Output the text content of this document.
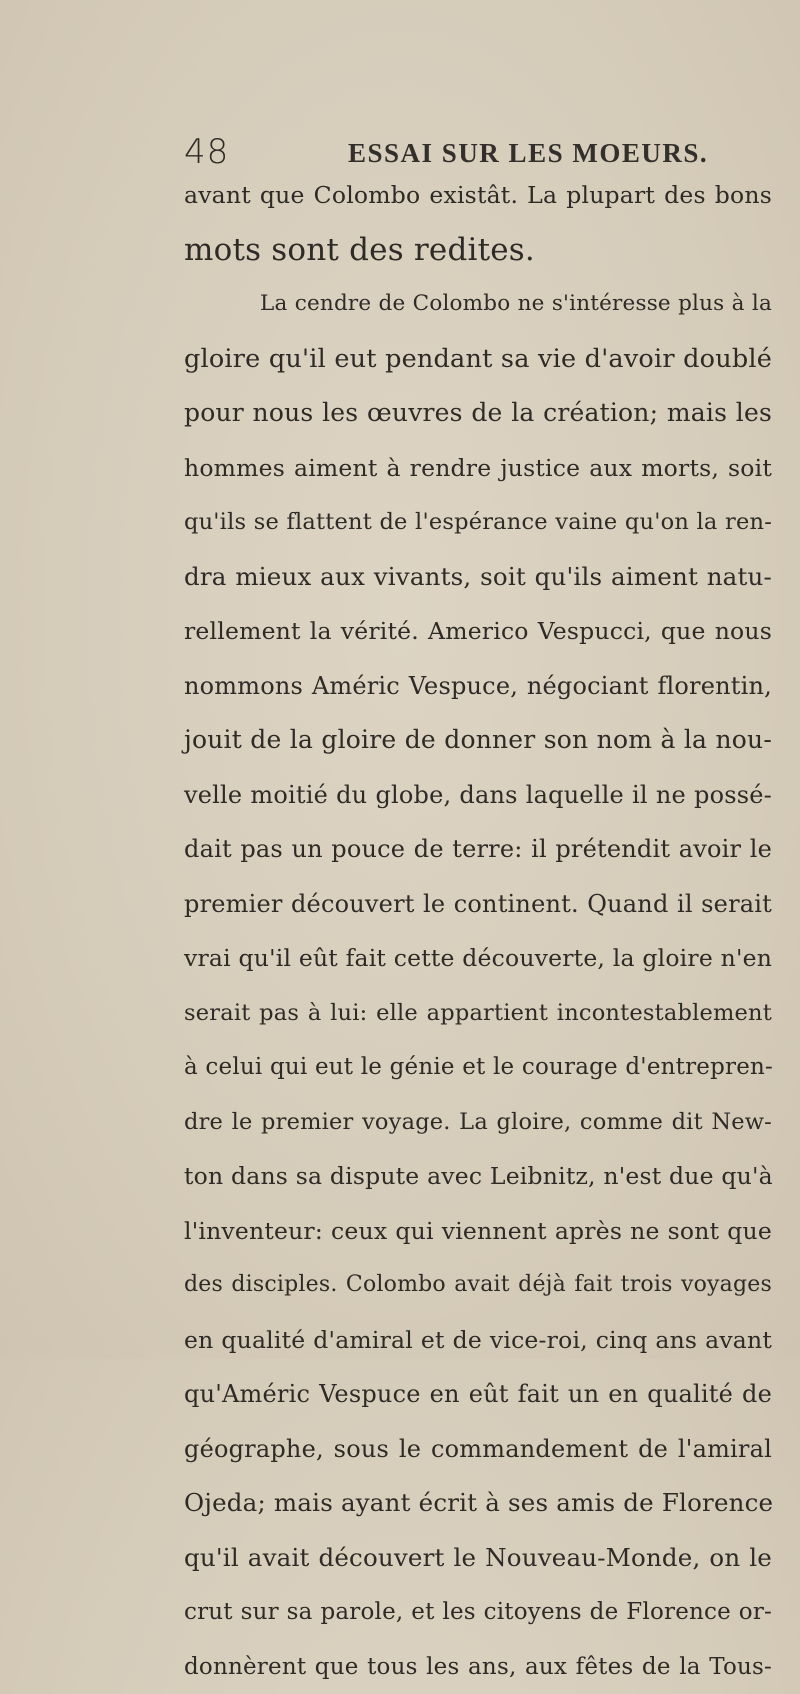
48	ESSAI SUR LES MOEURS.
avant que Colombo existât. La plupart des bons
mots sont des redites.
La cendre de Colombo ne s'intéresse plus à la
gloire qu'il eut pendant sa vie d'avoir doublé
pour nous les œuvres de la création; mais les
hommes aiment à rendre justice aux morts, soit
qu'ils se flattent de l'espérance vaine qu'on la ren-
dra mieux aux vivants, soit qu'ils aiment natu-
rellement la vérité. Americo Vespucci, que nous
nommons Améric Vespuce, négociant florentin,
jouit de la gloire de donner son nom à la nou-
velle moitié du globe, dans laquelle il ne possé-
dait pas un pouce de terre: il prétendit avoir le
premier découvert le continent. Quand il serait
vrai qu'il eût fait cette découverte, la gloire n'en
serait pas à lui: elle appartient incontestablement
à celui qui eut le génie et le courage d'entrepren-
dre le premier voyage. La gloire, comme dit New-
ton dans sa dispute avec Leibnitz, n'est due qu'à
l'inventeur: ceux qui viennent après ne sont que
des disciples. Colombo avait déjà fait trois voyages
en qualité d'amiral et de vice-roi, cinq ans avant
qu'Améric Vespuce en eût fait un en qualité de
géographe, sous le commandement de l'amiral
Ojeda; mais ayant écrit à ses amis de Florence
qu'il avait découvert le Nouveau-Monde, on le
crut sur sa parole, et les citoyens de Florence or-
donnèrent que tous les ans, aux fêtes de la Tous-
